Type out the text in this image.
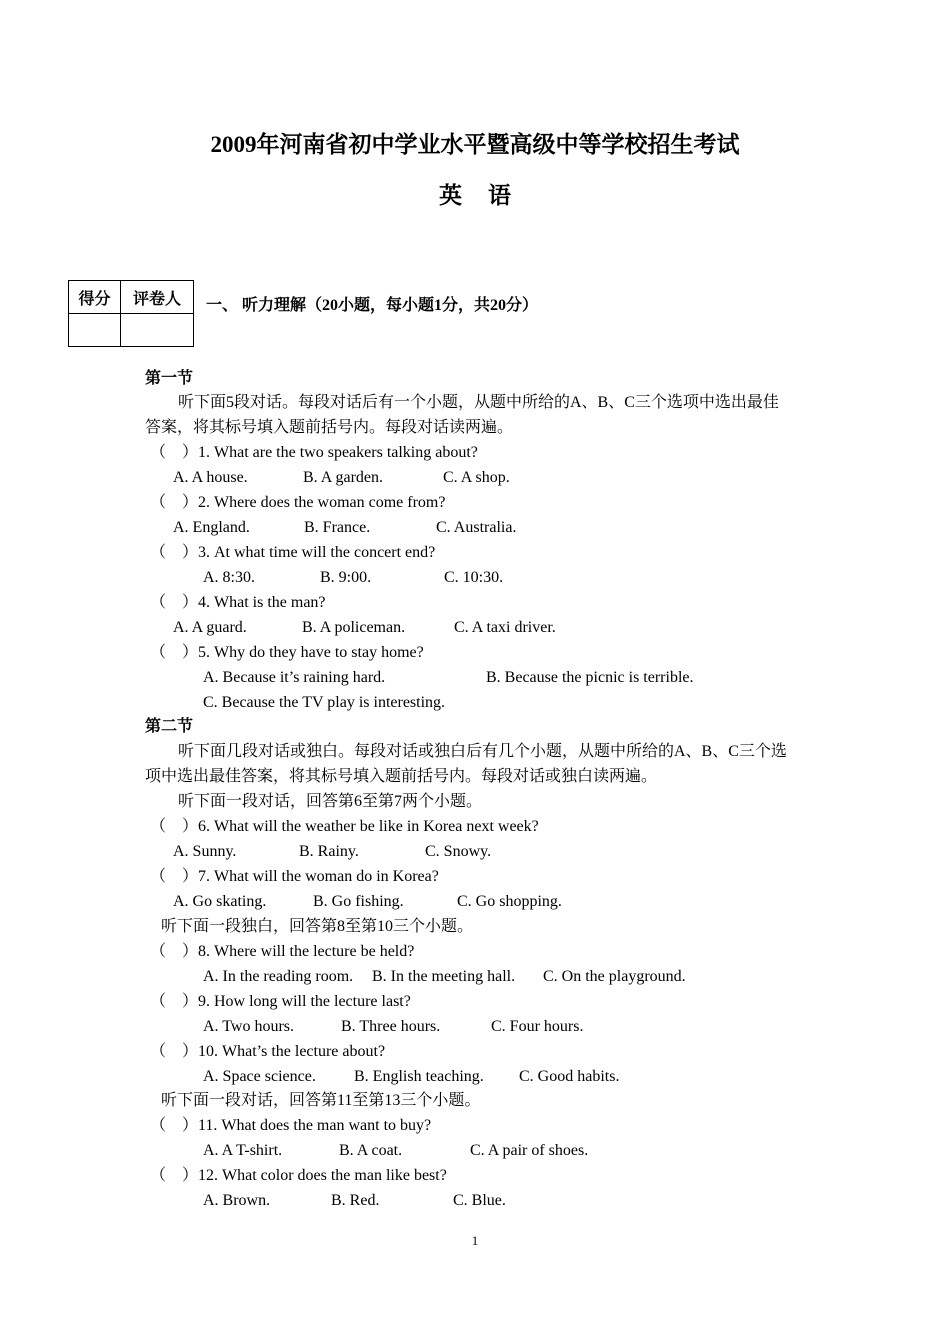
2009年河南省初中学业水平暨高级中等学校招生考试
英语
得分	评卷人
	一、 听力理解（20小题，每小题1分，共20分）
第一节
听下面5段对话。每段对话后有一个小题，从题中所给的A、B、C三个选项中选出最佳
答案，将其标号填入题前括号内。每段对话读两遍。
（　）1. What are the two speakers talking about?
A. A house.	B. A garden.	C. A shop.
（　）2. Where does the woman come from?
A. England.	B. France.	C. Australia.
（　）3. At what time will the concert end?
A. 8:30.	B. 9:00.	C. 10:30.
（　）4. What is the man?
A. A guard.	B. A policeman.	C. A taxi driver.
（　）5. Why do they have to stay home?
A. Because it’s raining hard.	B. Because the picnic is terrible.
C. Because the TV play is interesting.
第二节
听下面几段对话或独白。每段对话或独白后有几个小题，从题中所给的A、B、C三个选
项中选出最佳答案，将其标号填入题前括号内。每段对话或独白读两遍。
听下面一段对话，回答第6至第7两个小题。
（　）6. What will the weather be like in Korea next week?
A. Sunny.	B. Rainy.	C. Snowy.
（　）7. What will the woman do in Korea?
A. Go skating.	B. Go fishing.	C. Go shopping.
听下面一段独白，回答第8至第10三个小题。
（　）8. Where will the lecture be held?
A. In the reading room. B. In the meeting hall. C. On the playground.
（　）9. How long will the lecture last?
A. Two hours.	B. Three hours.	C. Four hours.
（　）10. What’s the lecture about?
A. Space science. B. English teaching. C. Good habits.
听下面一段对话，回答第11至第13三个小题。
（　）11. What does the man want to buy?
A. A T-shirt.	B. A coat.	C. A pair of shoes.
（　）12. What color does the man like best?
A. Brown.	B. Red.	C. Blue.
1
